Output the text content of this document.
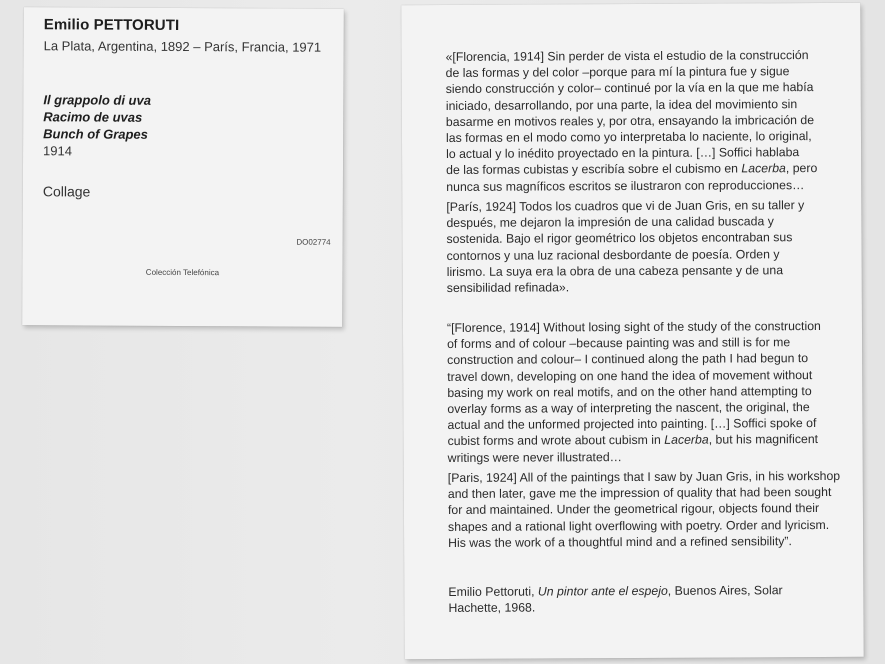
Emilio PETTORUTI
La Plata, Argentina, 1892 – París, Francia, 1971
Il grappolo di uva
Racimo de uvas
Bunch of Grapes
1914
Collage
DO02774
Colección Telefónica
«[Florencia, 1914] Sin perder de vista el estudio de la construcción
de las formas y del color –porque para mí la pintura fue y sigue
siendo construcción y color– continué por la vía en la que me había
iniciado, desarrollando, por una parte, la idea del movimiento sin
basarme en motivos reales y, por otra, ensayando la imbricación de
las formas en el modo como yo interpretaba lo naciente, lo original,
lo actual y lo inédito proyectado en la pintura. […] Soffici hablaba
de las formas cubistas y escribía sobre el cubismo en Lacerba, pero
nunca sus magníficos escritos se ilustraron con reproducciones…
[París, 1924] Todos los cuadros que vi de Juan Gris, en su taller y
después, me dejaron la impresión de una calidad buscada y
sostenida. Bajo el rigor geométrico los objetos encontraban sus
contornos y una luz racional desbordante de poesía. Orden y
lirismo. La suya era la obra de una cabeza pensante y de una
sensibilidad refinada».
“[Florence, 1914] Without losing sight of the study of the construction
of forms and of colour –because painting was and still is for me
construction and colour– I continued along the path I had begun to
travel down, developing on one hand the idea of movement without
basing my work on real motifs, and on the other hand attempting to
overlay forms as a way of interpreting the nascent, the original, the
actual and the unformed projected into painting. […] Soffici spoke of
cubist forms and wrote about cubism in Lacerba, but his magnificent
writings were never illustrated…
[Paris, 1924] All of the paintings that I saw by Juan Gris, in his workshop
and then later, gave me the impression of quality that had been sought
for and maintained. Under the geometrical rigour, objects found their
shapes and a rational light overflowing with poetry. Order and lyricism.
His was the work of a thoughtful mind and a refined sensibility”.
Emilio Pettoruti, Un pintor ante el espejo, Buenos Aires, Solar
Hachette, 1968.
